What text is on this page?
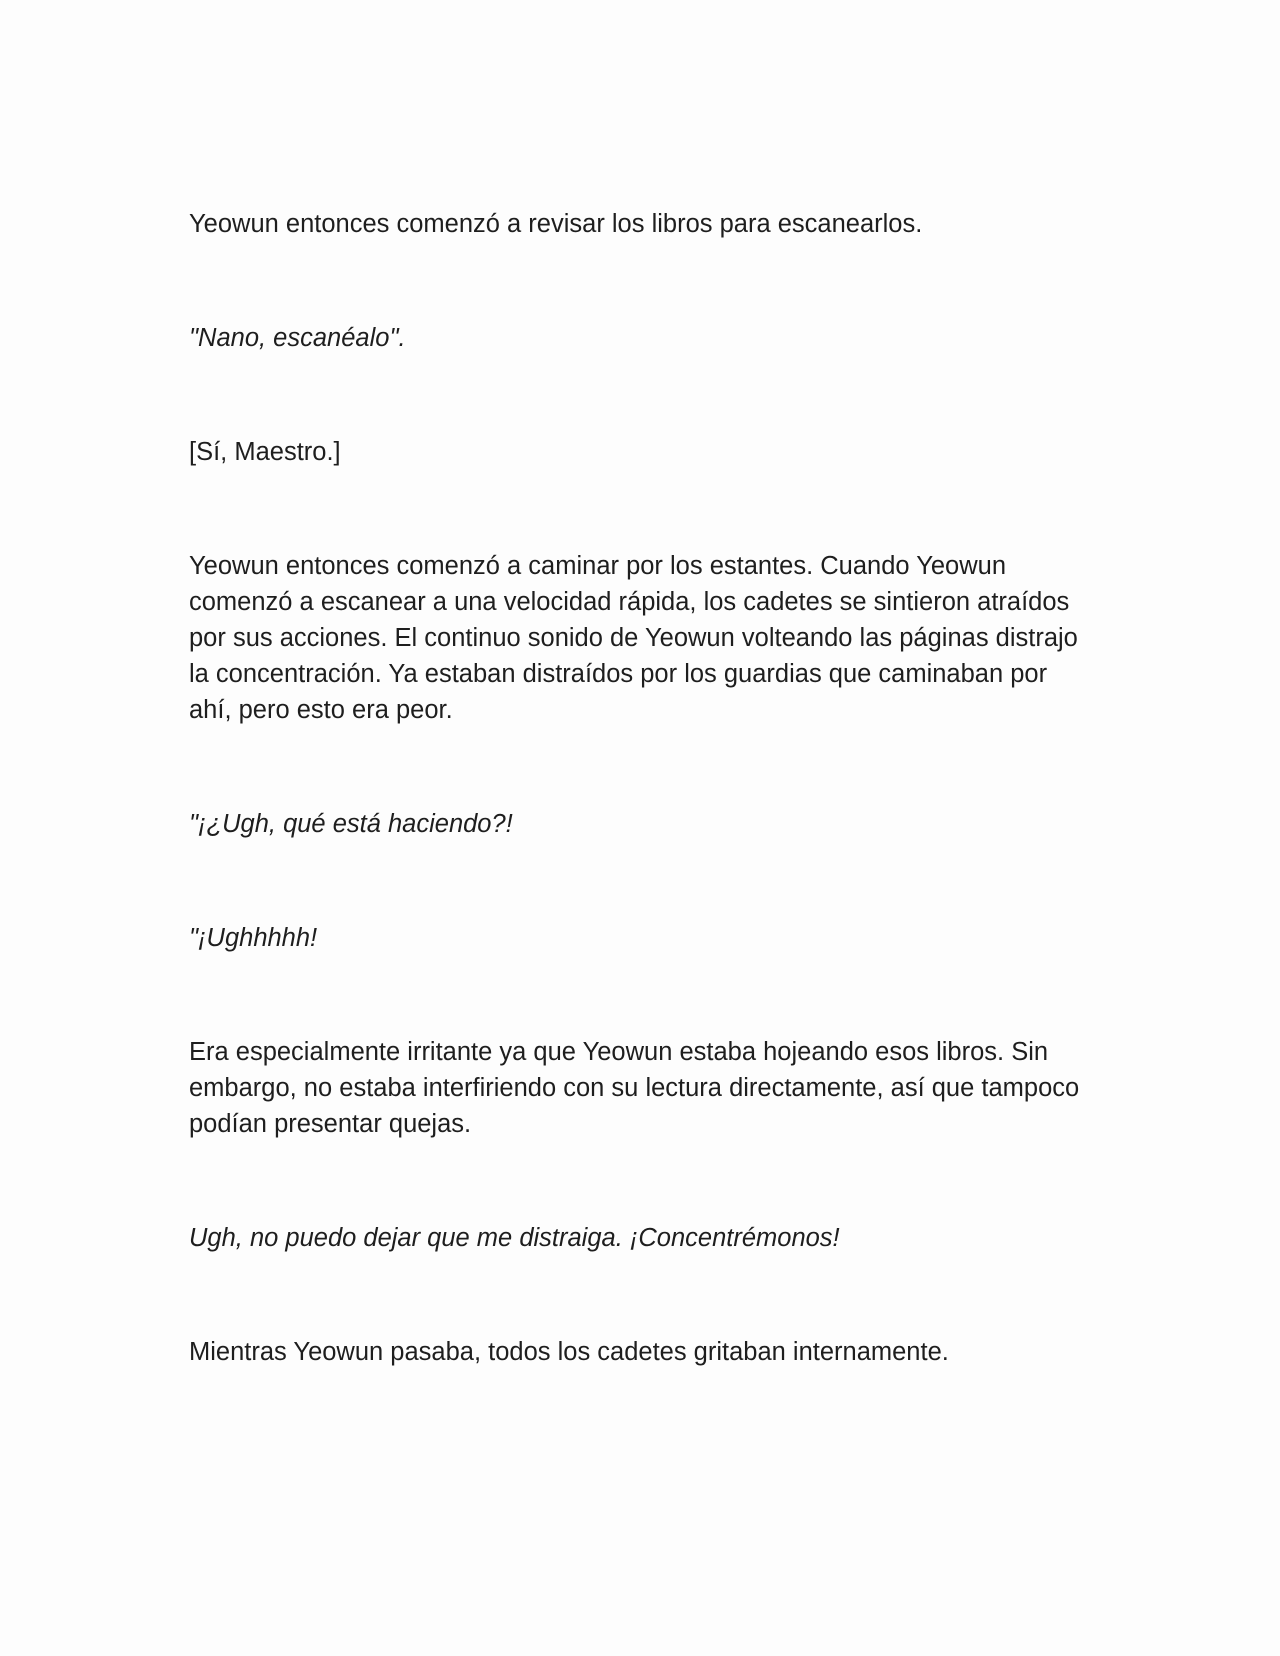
Yeowun entonces comenzó a revisar los libros para escanearlos.

"Nano, escanéalo".

[Sí, Maestro.]

Yeowun entonces comenzó a caminar por los estantes. Cuando Yeowun comenzó a escanear a una velocidad rápida, los cadetes se sintieron atraídos por sus acciones. El continuo sonido de Yeowun volteando las páginas distrajo la concentración. Ya estaban distraídos por los guardias que caminaban por ahí, pero esto era peor.

"¡¿Ugh, qué está haciendo?!

"¡Ughhhhh!

Era especialmente irritante ya que Yeowun estaba hojeando esos libros. Sin embargo, no estaba interfiriendo con su lectura directamente, así que tampoco podían presentar quejas.

Ugh, no puedo dejar que me distraiga. ¡Concentrémonos!

Mientras Yeowun pasaba, todos los cadetes gritaban internamente.
